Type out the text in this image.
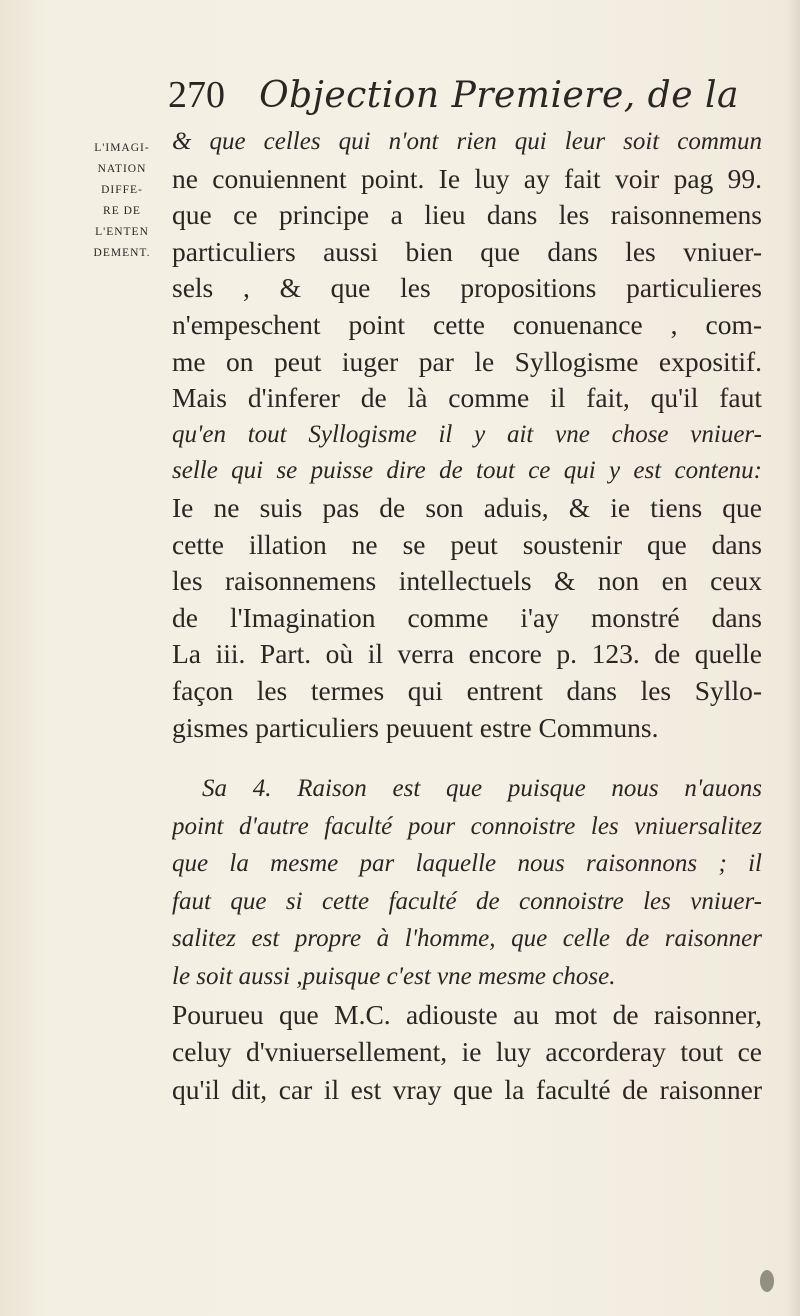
270 Objection Premiere, de la
L'IMAGI-
NATION
DIFFE-
RE DE
L'ENTEN
DEMENT.
& que celles qui n'ont rien qui leur soit commun
ne conuiennent point. Ie luy ay fait voir pag 99.
que ce principe a lieu dans les raisonnemens
particuliers aussi bien que dans les vniuer-
sels , & que les propositions particulieres
n'empeschent point cette conuenance , com-
me on peut iuger par le Syllogisme expositif.
Mais d'inferer de là comme il fait, qu'il faut
qu'en tout Syllogisme il y ait vne chose vniuer-
selle qui se puisse dire de tout ce qui y est contenu:
Ie ne suis pas de son aduis, & ie tiens que
cette illation ne se peut soustenir que dans
les raisonnemens intellectuels & non en ceux
de l'Imagination comme i'ay monstré dans
La iii. Part. où il verra encore p. 123. de quelle
façon les termes qui entrent dans les Syllo-
gismes particuliers peuuent estre Communs.
Sa 4. Raison est que puisque nous n'auons
point d'autre faculté pour connoistre les vniuersalitez
que la mesme par laquelle nous raisonnons ; il
faut que si cette faculté de connoistre les vniuer-
salitez est propre à l'homme, que celle de raisonner
le soit aussi ,puisque c'est vne mesme chose.
Pourueu que M.C. adiouste au mot de raisonner,
celuy d'vniuersellement, ie luy accorderay tout ce
qu'il dit, car il est vray que la faculté de raisonner
